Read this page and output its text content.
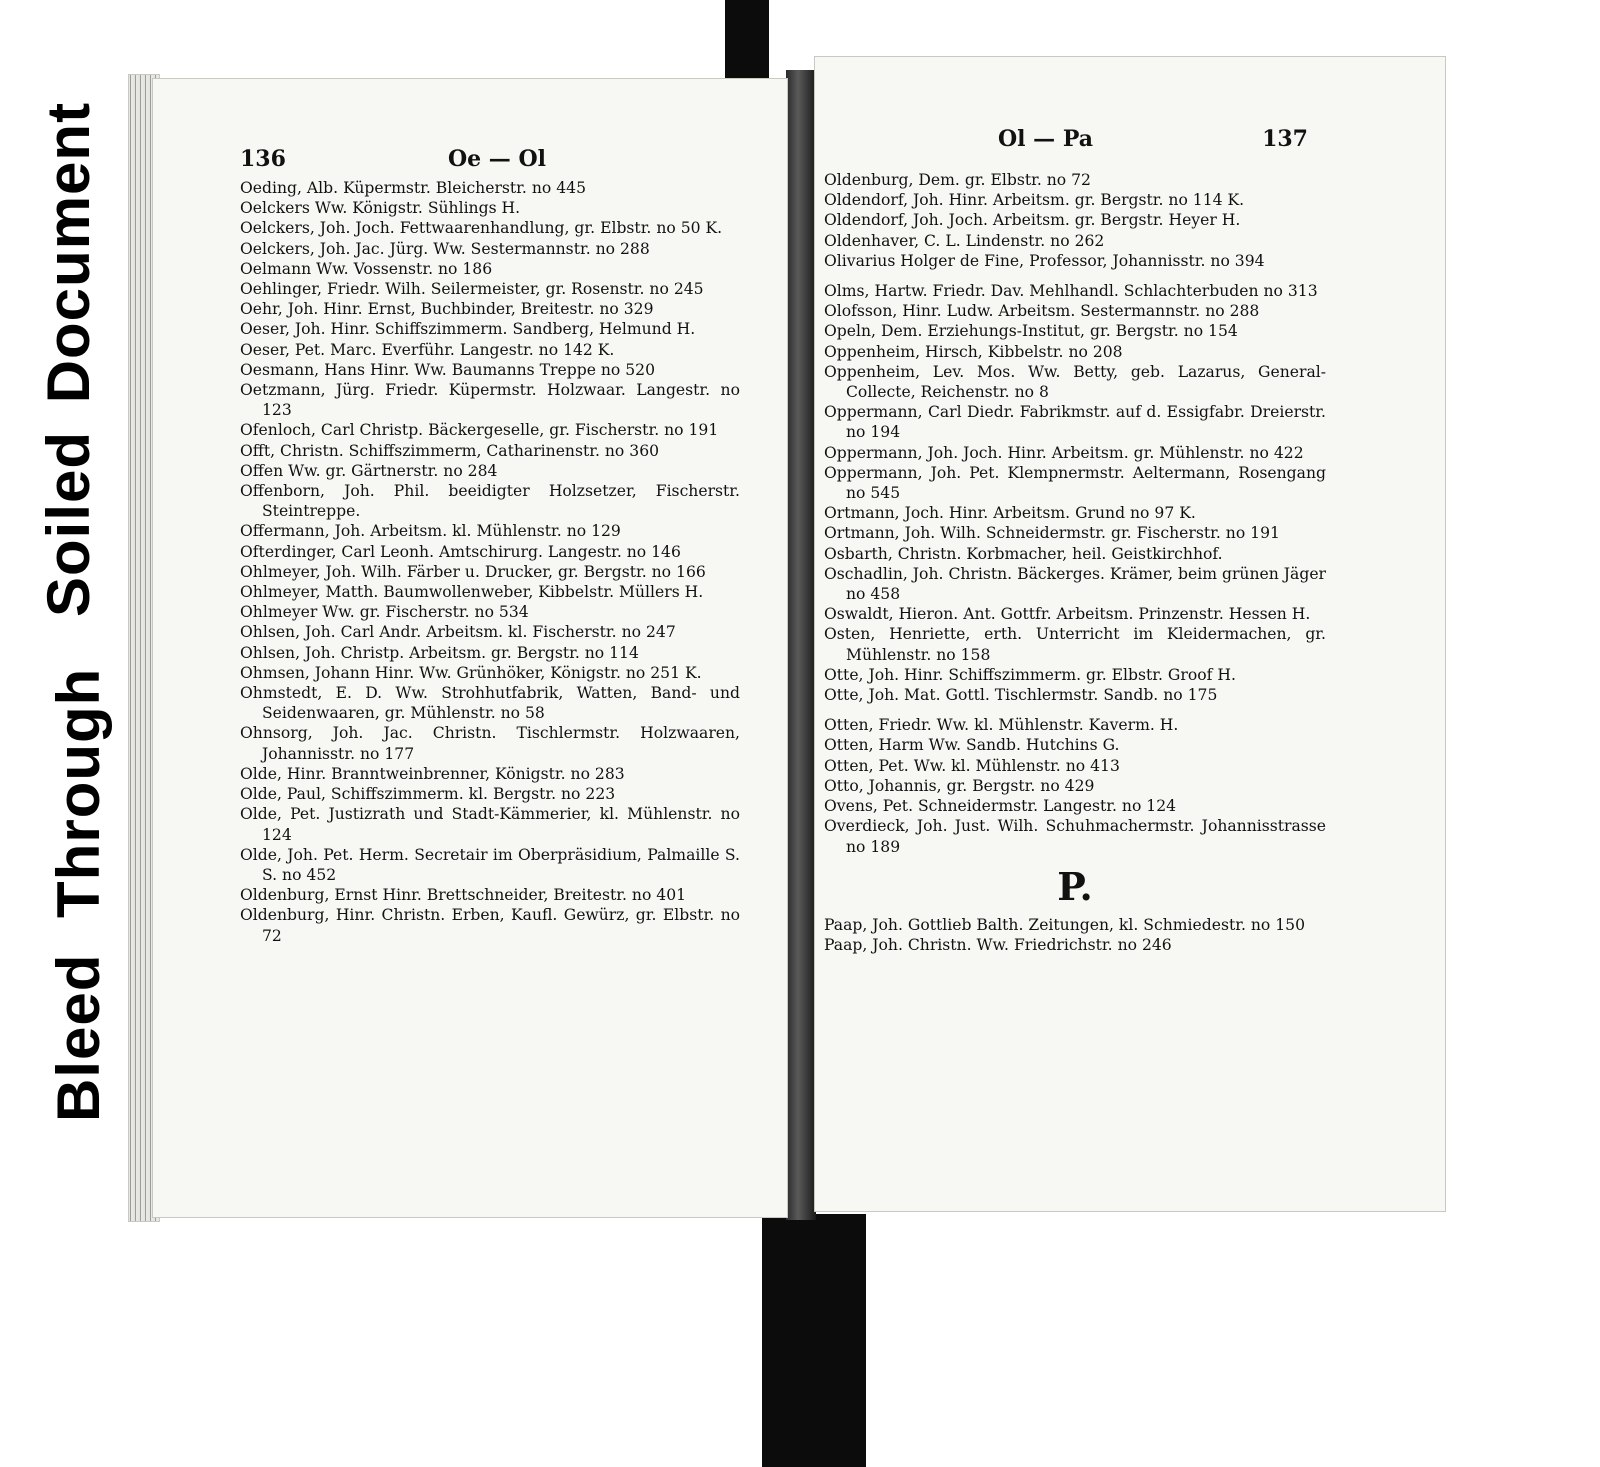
Bleed Through
Soiled Document

	136	Oe — Ol
Oeding, Alb. Küpermstr. Bleicherstr. no 445
Oelckers Ww. Königstr. Sühlings H.
Oelckers, Joh. Joch. Fettwaarenhandlung, gr. Elbstr. no 50 K.
Oelckers, Joh. Jac. Jürg. Ww. Sestermannstr. no 288
Oelmann Ww. Vossenstr. no 186
Oehlinger, Friedr. Wilh. Seilermeister, gr. Rosenstr. no 245
Oehr, Joh. Hinr. Ernst, Buchbinder, Breitestr. no 329
Oeser, Joh. Hinr. Schiffszimmerm. Sandberg, Helmund H.
Oeser, Pet. Marc. Everführ. Langestr. no 142 K.
Oesmann, Hans Hinr. Ww. Baumanns Treppe no 520
Oetzmann, Jürg. Friedr. Küpermstr. Holzwaar. Langestr. no 123
Ofenloch, Carl Christp. Bäckergeselle, gr. Fischerstr. no 191
Offt, Christn. Schiffszimmerm, Catharinenstr. no 360
Offen Ww. gr. Gärtnerstr. no 284
Offenborn, Joh. Phil. beeidigter Holzsetzer, Fischerstr. Steintreppe.
Offermann, Joh. Arbeitsm. kl. Mühlenstr. no 129
Ofterdinger, Carl Leonh. Amtschirurg. Langestr. no 146
Ohlmeyer, Joh. Wilh. Färber u. Drucker, gr. Bergstr. no 166
Ohlmeyer, Matth. Baumwollenweber, Kibbelstr. Müllers H.
Ohlmeyer Ww. gr. Fischerstr. no 534
Ohlsen, Joh. Carl Andr. Arbeitsm. kl. Fischerstr. no 247
Ohlsen, Joh. Christp. Arbeitsm. gr. Bergstr. no 114
Ohmsen, Johann Hinr. Ww. Grünhöker, Königstr. no 251 K.
Ohmstedt, E. D. Ww. Strohhutfabrik, Watten, Band- und Seidenwaaren, gr. Mühlenstr. no 58
Ohnsorg, Joh. Jac. Christn. Tischlermstr. Holzwaaren, Johannisstr. no 177
Olde, Hinr. Branntweinbrenner, Königstr. no 283
Olde, Paul, Schiffszimmerm. kl. Bergstr. no 223
Olde, Pet. Justizrath und Stadt-Kämmerier, kl. Mühlenstr. no 124
Olde, Joh. Pet. Herm. Secretair im Oberpräsidium, Palmaille S. S. no 452
Oldenburg, Ernst Hinr. Brettschneider, Breitestr. no 401
Oldenburg, Hinr. Christn. Erben, Kaufl. Gewürz, gr. Elbstr. no 72
Ol — Pa	137
Oldenburg, Dem. gr. Elbstr. no 72
Oldendorf, Joh. Hinr. Arbeitsm. gr. Bergstr. no 114 K.
Oldendorf, Joh. Joch. Arbeitsm. gr. Bergstr. Heyer H.
Oldenhaver, C. L. Lindenstr. no 262
Olivarius Holger de Fine, Professor, Johannisstr. no 394
Olms, Hartw. Friedr. Dav. Mehlhandl. Schlachterbuden no 313
Olofsson, Hinr. Ludw. Arbeitsm. Sestermannstr. no 288
Opeln, Dem. Erziehungs-Institut, gr. Bergstr. no 154
Oppenheim, Hirsch, Kibbelstr. no 208
Oppenheim, Lev. Mos. Ww. Betty, geb. Lazarus, General-Collecte, Reichenstr. no 8
Oppermann, Carl Diedr. Fabrikmstr. auf d. Essigfabr. Dreierstr. no 194
Oppermann, Joh. Joch. Hinr. Arbeitsm. gr. Mühlenstr. no 422
Oppermann, Joh. Pet. Klempnermstr. Aeltermann, Rosengang no 545
Ortmann, Joch. Hinr. Arbeitsm. Grund no 97 K.
Ortmann, Joh. Wilh. Schneidermstr. gr. Fischerstr. no 191
Osbarth, Christn. Korbmacher, heil. Geistkirchhof.
Oschadlin, Joh. Christn. Bäckerges. Krämer, beim grünen Jäger no 458
Oswaldt, Hieron. Ant. Gottfr. Arbeitsm. Prinzenstr. Hessen H.
Osten, Henriette, erth. Unterricht im Kleidermachen, gr. Mühlenstr. no 158
Otte, Joh. Hinr. Schiffszimmerm. gr. Elbstr. Groof H.
Otte, Joh. Mat. Gottl. Tischlermstr. Sandb. no 175
Otten, Friedr. Ww. kl. Mühlenstr. Kaverm. H.
Otten, Harm Ww. Sandb. Hutchins G.
Otten, Pet. Ww. kl. Mühlenstr. no 413
Otto, Johannis, gr. Bergstr. no 429
Ovens, Pet. Schneidermstr. Langestr. no 124
Overdieck, Joh. Just. Wilh. Schuhmachermstr. Johannisstrasse no 189
P.
Paap, Joh. Gottlieb Balth. Zeitungen, kl. Schmiedestr. no 150
Paap, Joh. Christn. Ww. Friedrichstr. no 246
